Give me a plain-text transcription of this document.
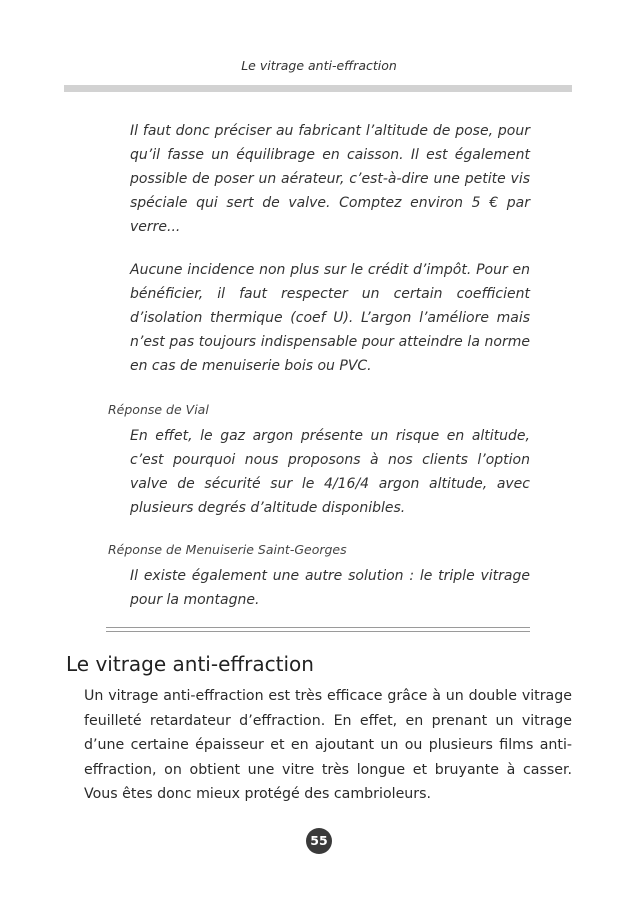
Le vitrage anti-effraction

Il faut donc préciser au fabricant l’altitude de pose, pour qu’il fasse un équilibrage en caisson. Il est également possible de poser un aérateur, c’est-à-dire une petite vis spéciale qui sert de valve. Comptez environ 5 € par verre...

Aucune incidence non plus sur le crédit d’impôt. Pour en bénéficier, il faut respecter un certain coefficient d’isolation thermique (coef U). L’argon l’améliore mais n’est pas toujours indispensable pour atteindre la norme en cas de menuiserie bois ou PVC.

Réponse de Vial

En effet, le gaz argon présente un risque en altitude, c’est pourquoi nous proposons à nos clients l’option valve de sécurité sur le 4/16/4 argon altitude, avec plusieurs degrés d’altitude disponibles.

Réponse de Menuiserie Saint-Georges

Il existe également une autre solution : le triple vitrage pour la montagne.

Le vitrage anti-effraction

Un vitrage anti-effraction est très efficace grâce à un double vitrage feuilleté retardateur d’effraction. En effet, en prenant un vitrage d’une certaine épaisseur et en ajoutant un ou plusieurs films anti-effraction, on obtient une vitre très longue et bruyante à casser. Vous êtes donc mieux protégé des cambrioleurs.

55
